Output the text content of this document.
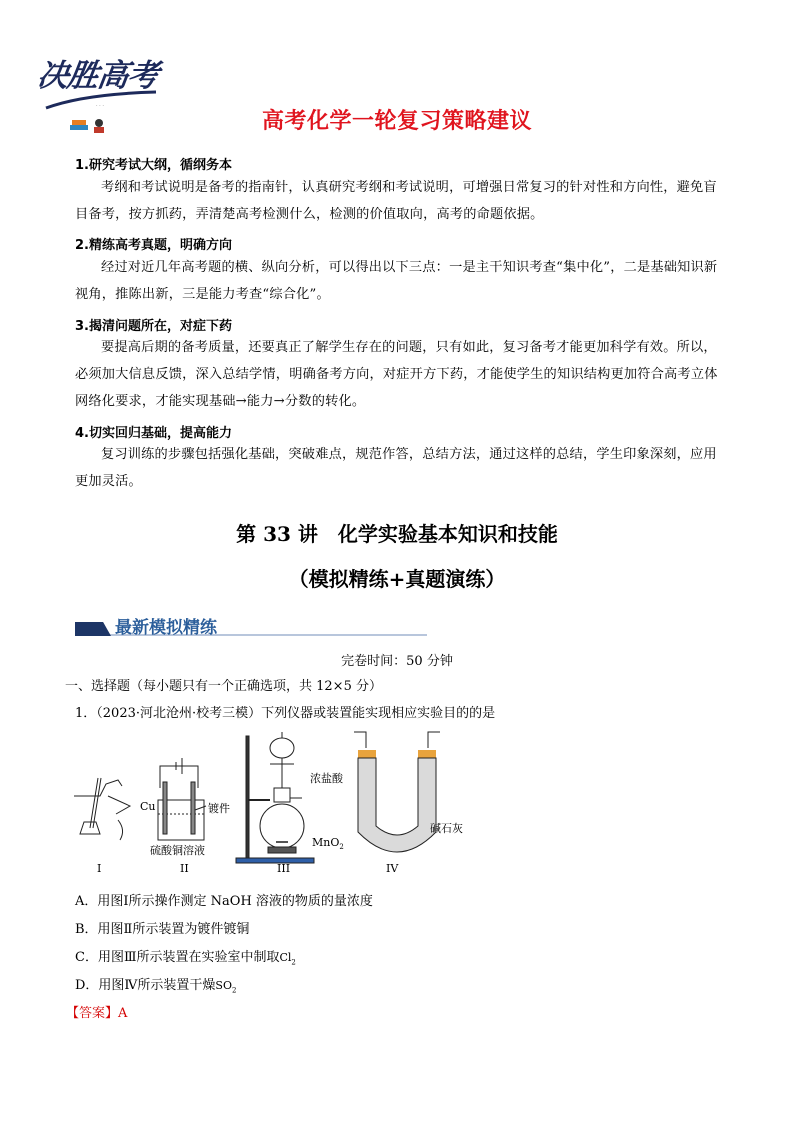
决胜高考
. . .
高考化学一轮复习策略建议
1.研究考试大纲，循纲务本
考纲和考试说明是备考的指南针，认真研究考纲和考试说明，可增强日常复习的针对性和方向性，避免盲目备考，按方抓药，弄清楚高考检测什么，检测的价值取向，高考的命题依据。
2.精练高考真题，明确方向
经过对近几年高考题的横、纵向分析，可以得出以下三点：一是主干知识考查“集中化”，二是基础知识新视角，推陈出新，三是能力考查“综合化”。
3.揭清问题所在，对症下药
要提高后期的备考质量，还要真正了解学生存在的问题，只有如此，复习备考才能更加科学有效。所以，必须加大信息反馈，深入总结学情，明确备考方向，对症开方下药，才能使学生的知识结构更加符合高考立体网络化要求，才能实现基础→能力→分数的转化。
4.切实回归基础，提高能力
复习训练的步骤包括强化基础，突破难点，规范作答，总结方法，通过这样的总结，学生印象深刻，应用更加灵活。
第 33 讲　化学实验基本知识和技能
（模拟精练+真题演练）
最新模拟精练
完卷时间：50 分钟
一、选择题（每小题只有一个正确选项，共 12×5 分）
1．（2023·河北沧州·校考三模）下列仪器或装置能实现相应实验目的的是
Cu	镀件
硫酸铜溶液
浓盐酸
MnO$_2$
碱石灰
I	II	III	IV
A．用图Ⅰ所示操作测定 NaOH 溶液的物质的量浓度
B．用图Ⅱ所示装置为镀件镀铜
C．用图Ⅲ所示装置在实验室中制取$Cl_2$
D．用图Ⅳ所示装置干燥$SO_2$
【答案】A
